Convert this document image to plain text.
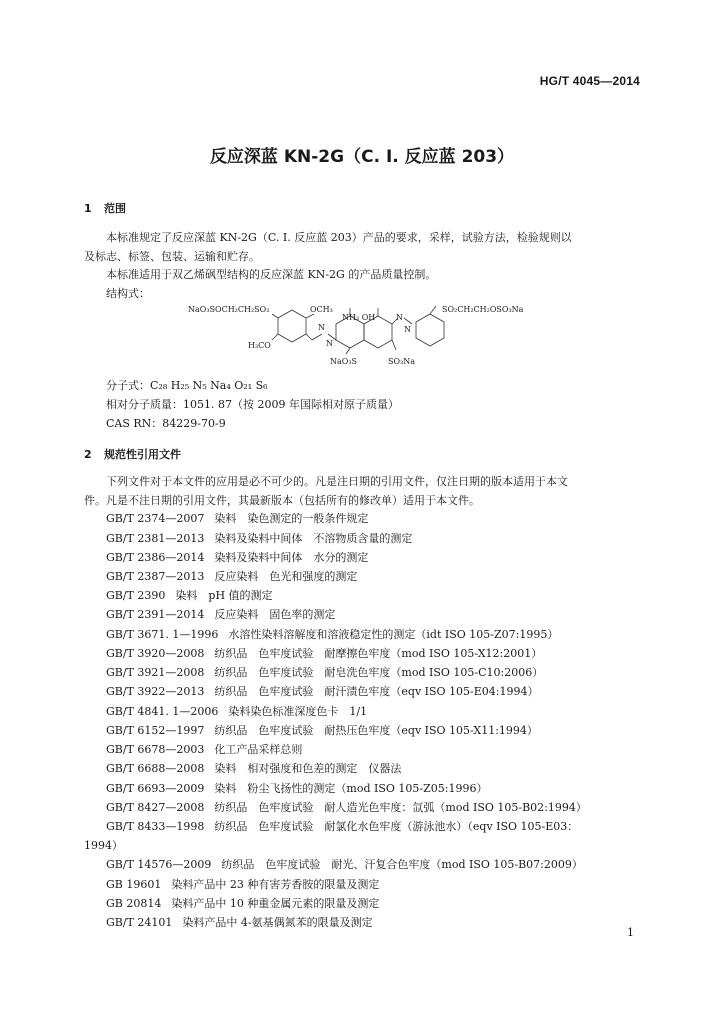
HG/T 4045—2014
反应深蓝 KN-2G（C. I. 反应蓝 203）
1 范围
本标准规定了反应深蓝 KN-2G（C. I. 反应蓝 203）产品的要求，采样，试验方法，检验规则以
及标志、标签、包装、运输和贮存。
本标准适用于双乙烯砜型结构的反应深蓝 KN-2G 的产品质量控制。
结构式：
NaO₃SOCH₂CH₂SO₂	OCH₃
NH₂ OH
SO₂CH₂CH₂OSO₃Na
H₃CO
N
N
N
N
NaO₃S	SO₃Na
分子式：C₂₈ H₂₅ N₅ Na₄ O₂₁ S₆
相对分子质量：1051. 87（按 2009 年国际相对原子质量）
CAS RN：84229-70-9
2 规范性引用文件
下列文件对于本文件的应用是必不可少的。凡是注日期的引用文件，仅注日期的版本适用于本文
件。凡是不注日期的引用文件，其最新版本（包括所有的修改单）适用于本文件。
GB/T 2374—2007 染料　染色测定的一般条件规定
GB/T 2381—2013 染料及染料中间体　不溶物质含量的测定
GB/T 2386—2014 染料及染料中间体　水分的测定
GB/T 2387—2013 反应染料　色光和强度的测定
GB/T 2390 染料　pH 值的测定
GB/T 2391—2014 反应染料　固色率的测定
GB/T 3671. 1—1996 水溶性染料溶解度和溶液稳定性的测定（idt ISO 105-Z07:1995）
GB/T 3920—2008 纺织品　色牢度试验　耐摩擦色牢度（mod ISO 105-X12:2001）
GB/T 3921—2008 纺织品　色牢度试验　耐皂洗色牢度（mod ISO 105-C10:2006）
GB/T 3922—2013 纺织品　色牢度试验　耐汗渍色牢度（eqv ISO 105-E04:1994）
GB/T 4841. 1—2006 染料染色标准深度色卡　1/1
GB/T 6152—1997 纺织品　色牢度试验　耐热压色牢度（eqv ISO 105-X11:1994）
GB/T 6678—2003 化工产品采样总则
GB/T 6688—2008 染料　相对强度和色差的测定　仪器法
GB/T 6693—2009 染料　粉尘飞扬性的测定（mod ISO 105-Z05:1996）
GB/T 8427—2008 纺织品　色牢度试验　耐人造光色牢度：氙弧（mod ISO 105-B02:1994）
GB/T 8433—1998 纺织品　色牢度试验　耐氯化水色牢度（游泳池水）（eqv ISO 105-E03：
1994）
GB/T 14576—2009 纺织品　色牢度试验　耐光、汗复合色牢度（mod ISO 105-B07:2009）
GB 19601 染料产品中 23 种有害芳香胺的限量及测定
GB 20814 染料产品中 10 种重金属元素的限量及测定
GB/T 24101 染料产品中 4-氨基偶氮苯的限量及测定
1
